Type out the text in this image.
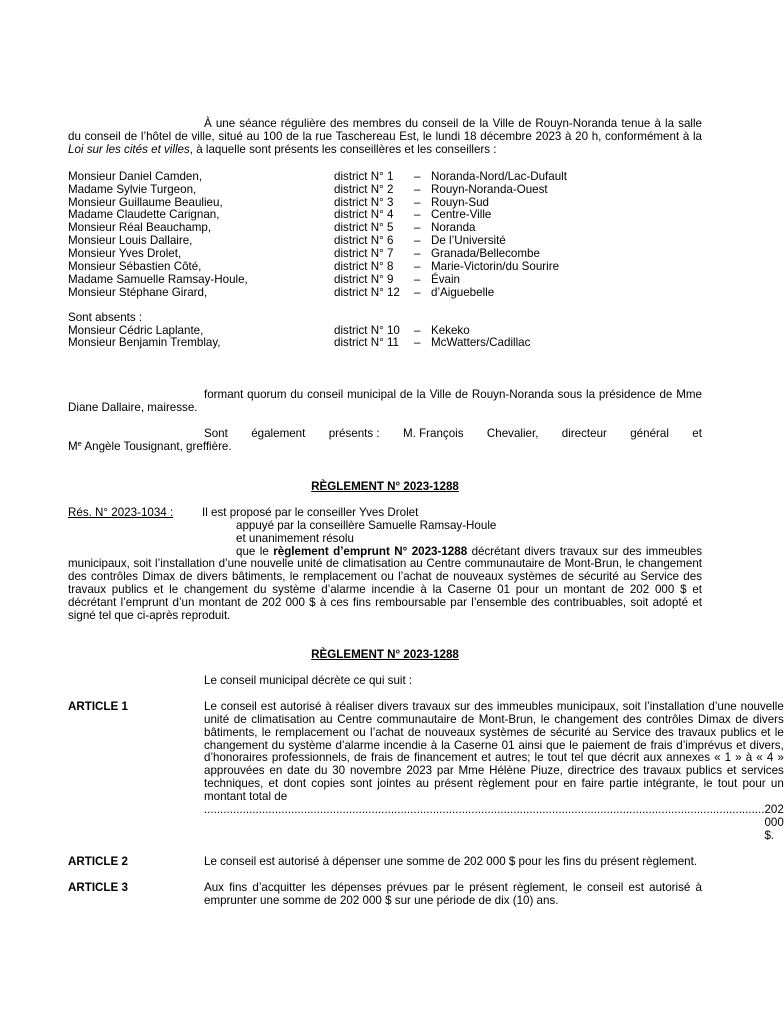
À une séance régulière des membres du conseil de la Ville de Rouyn-Noranda tenue à la salle du conseil de l’hôtel de ville, situé au 100 de la rue Taschereau Est, le lundi 18 décembre 2023 à 20 h, conformément à la Loi sur les cités et villes, à laquelle sont présents les conseillères et les conseillers :
Monsieur Daniel Camden,	district N° 1	– Noranda-Nord/Lac-Dufault
Madame Sylvie Turgeon,	district N° 2	– Rouyn-Noranda-Ouest
Monsieur Guillaume Beaulieu,	district N° 3	– Rouyn-Sud
Madame Claudette Carignan,	district N° 4	– Centre-Ville
Monsieur Réal Beauchamp,	district N° 5	– Noranda
Monsieur Louis Dallaire,	district N° 6	– De l’Université
Monsieur Yves Drolet,	district N° 7	– Granada/Bellecombe
Monsieur Sébastien Côté,	district N° 8	– Marie-Victorin/du Sourire
Madame Samuelle Ramsay-Houle,	district N° 9	– Évain
Monsieur Stéphane Girard,	district N° 12	– d’Aiguebelle
Sont absents :
Monsieur Cédric Laplante,	district N° 10	– Kekeko
Monsieur Benjamin Tremblay,	district N° 11	– McWatters/Cadillac
formant quorum du conseil municipal de la Ville de Rouyn-Noranda sous la présidence de Mme Diane Dallaire, mairesse.
Sont également présents : M. François Chevalier, directeur général et
Me Angèle Tousignant, greffière.
RÈGLEMENT N° 2023-1288
Rés. N° 2023-1034 :	Il est proposé par le conseiller Yves Drolet
appuyé par la conseillère Samuelle Ramsay-Houle
et unanimement résolu
que le règlement d’emprunt N° 2023-1288 décrétant divers travaux sur des immeubles municipaux, soit l’installation d’une nouvelle unité de climatisation au Centre communautaire de Mont-Brun, le changement des contrôles Dimax de divers bâtiments, le remplacement ou l’achat de nouveaux systèmes de sécurité au Service des travaux publics et le changement du système d’alarme incendie à la Caserne 01 pour un montant de 202 000 $ et décrétant l’emprunt d’un montant de 202 000 $ à ces fins remboursable par l’ensemble des contribuables, soit adopté et signé tel que ci-après reproduit.
RÈGLEMENT N° 2023-1288
Le conseil municipal décrète ce qui suit :
ARTICLE 1	Le conseil est autorisé à réaliser divers travaux sur des immeubles municipaux, soit l’installation d’une nouvelle unité de climatisation au Centre communautaire de Mont-Brun, le changement des contrôles Dimax de divers bâtiments, le remplacement ou l’achat de nouveaux systèmes de sécurité au Service des travaux publics et le changement du système d’alarme incendie à la Caserne 01 ainsi que le paiement de frais d’imprévus et divers, d’honoraires professionnels, de frais de financement et autres; le tout tel que décrit aux annexes « 1 » à « 4 » approuvées en date du 30 novembre 2023 par Mme Hélène Piuze, directrice des travaux publics et services techniques, et dont copies sont jointes au présent règlement pour en faire partie intégrante, le tout pour un montant total de
.............................................................................................................................................................................. 202 000 $.
ARTICLE 2	Le conseil est autorisé à dépenser une somme de 202 000 $ pour les fins du présent règlement.
ARTICLE 3	Aux fins d’acquitter les dépenses prévues par le présent règlement, le conseil est autorisé à emprunter une somme de 202 000 $ sur une période de dix (10) ans.
